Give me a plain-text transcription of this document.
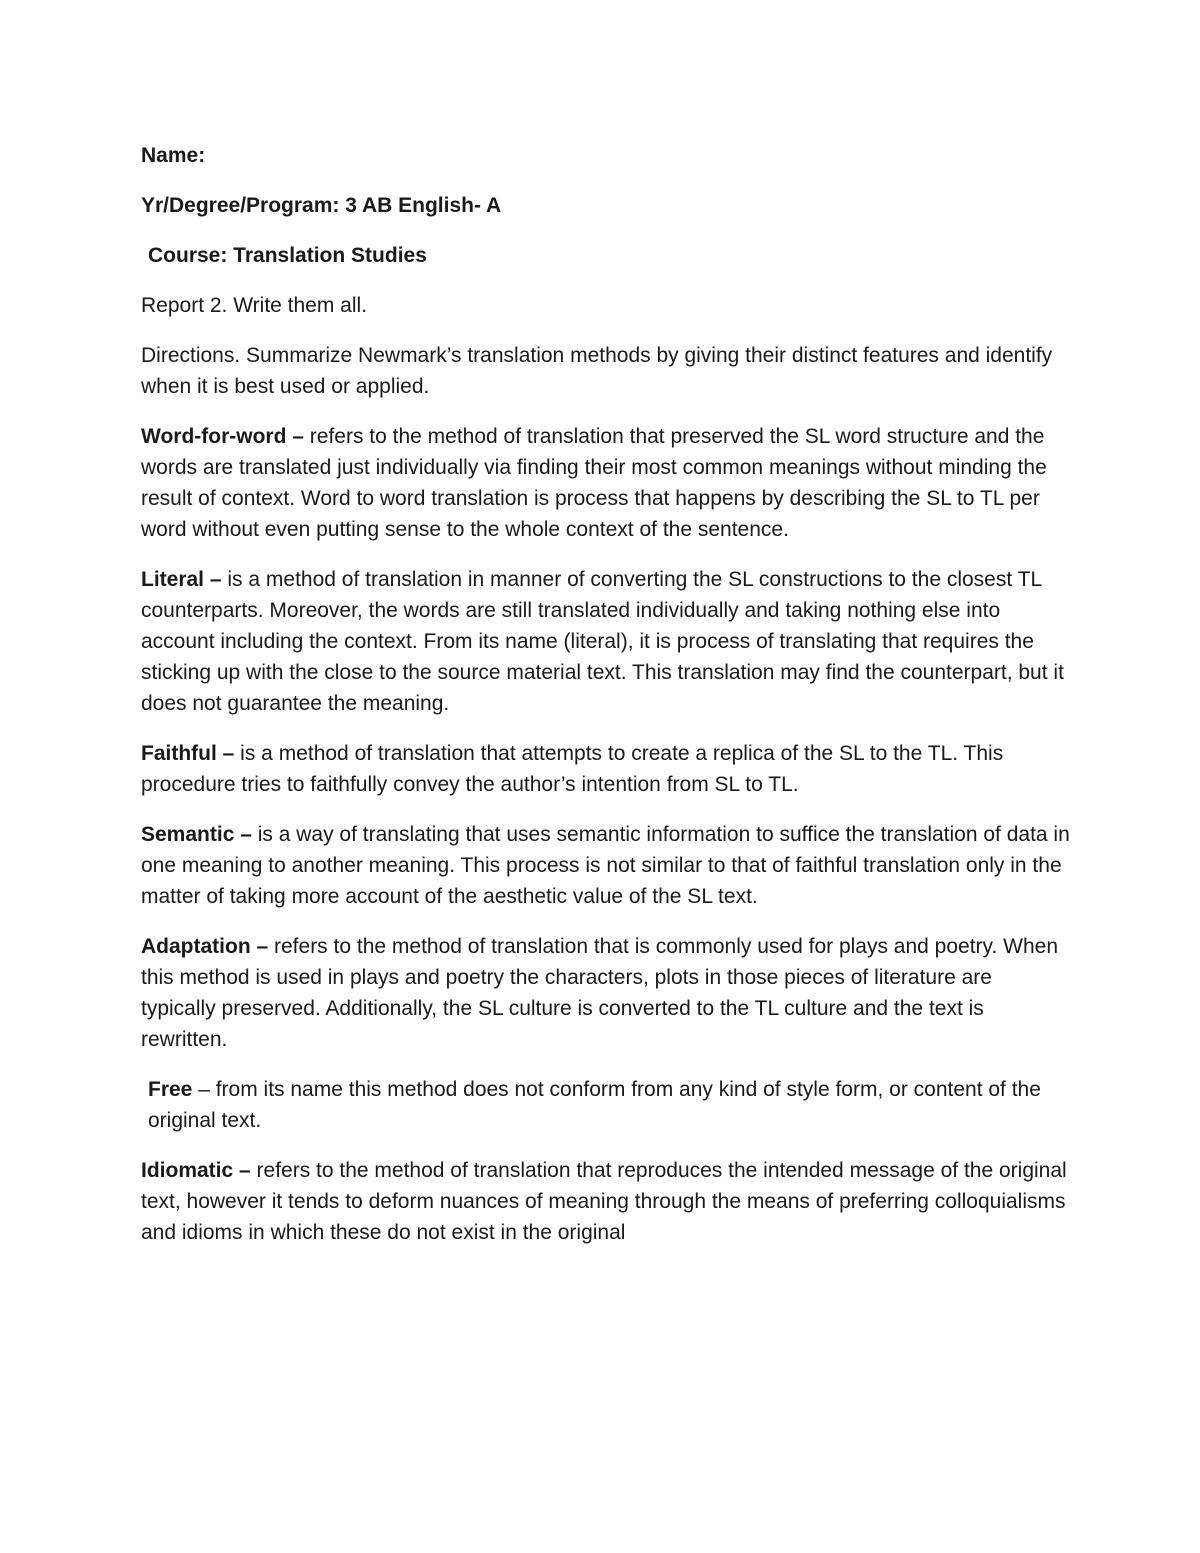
Name:

Yr/Degree/Program: 3 AB English- A

Course: Translation Studies

Report 2. Write them all.

Directions. Summarize Newmark’s translation methods by giving their distinct features and identify when it is best used or applied.

Word-for-word – refers to the method of translation that preserved the SL word structure and the words are translated just individually via finding their most common meanings without minding the result of context. Word to word translation is process that happens by describing the SL to TL per word without even putting sense to the whole context of the sentence.

Literal – is a method of translation in manner of converting the SL constructions to the closest TL counterparts. Moreover, the words are still translated individually and taking nothing else into account including the context. From its name (literal), it is process of translating that requires the sticking up with the close to the source material text. This translation may find the counterpart, but it does not guarantee the meaning.

Faithful – is a method of translation that attempts to create a replica of the SL to the TL. This procedure tries to faithfully convey the author’s intention from SL to TL.

Semantic – is a way of translating that uses semantic information to suffice the translation of data in one meaning to another meaning. This process is not similar to that of faithful translation only in the matter of taking more account of the aesthetic value of the SL text.

Adaptation – refers to the method of translation that is commonly used for plays and poetry. When this method is used in plays and poetry the characters, plots in those pieces of literature are typically preserved. Additionally, the SL culture is converted to the TL culture and the text is rewritten.

Free – from its name this method does not conform from any kind of style form, or content of the original text.

Idiomatic – refers to the method of translation that reproduces the intended message of the original text, however it tends to deform nuances of meaning through the means of preferring colloquialisms and idioms in which these do not exist in the original
